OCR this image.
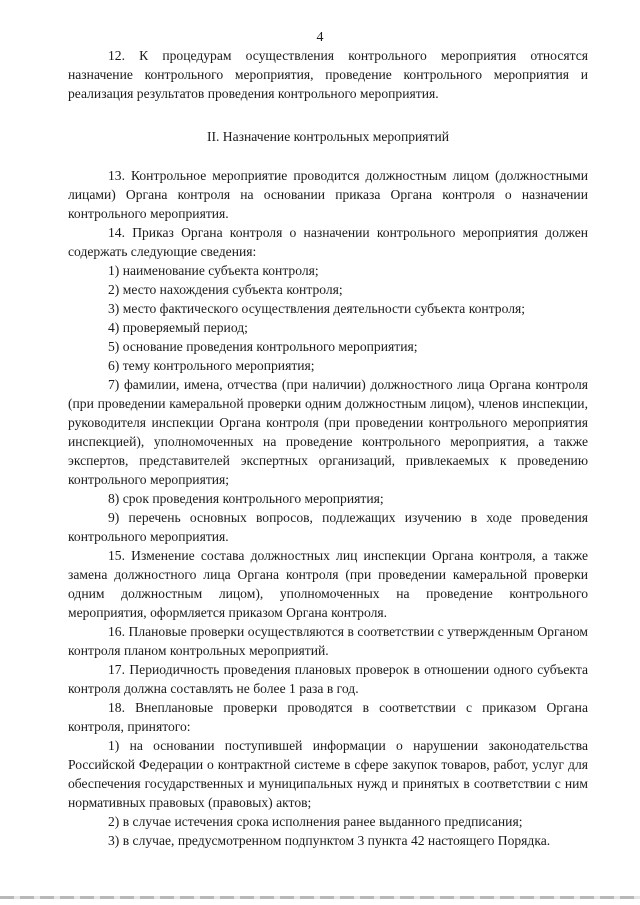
4

12. К процедурам осуществления контрольного мероприятия относятся назначение контрольного мероприятия, проведение контрольного мероприятия и реализация результатов проведения контрольного мероприятия.

II. Назначение контрольных мероприятий

13. Контрольное мероприятие проводится должностным лицом (должностными лицами) Органа контроля на основании приказа Органа контроля о назначении контрольного мероприятия.

14. Приказ Органа контроля о назначении контрольного мероприятия должен содержать следующие сведения:

1) наименование субъекта контроля;

2) место нахождения субъекта контроля;

3) место фактического осуществления деятельности субъекта контроля;

4) проверяемый период;

5) основание проведения контрольного мероприятия;

6) тему контрольного мероприятия;

7) фамилии, имена, отчества (при наличии) должностного лица Органа контроля (при проведении камеральной проверки одним должностным лицом), членов инспекции, руководителя инспекции Органа контроля (при проведении контрольного мероприятия инспекцией), уполномоченных на проведение контрольного мероприятия, а также экспертов, представителей экспертных организаций, привлекаемых к проведению контрольного мероприятия;

8) срок проведения контрольного мероприятия;

9) перечень основных вопросов, подлежащих изучению в ходе проведения контрольного мероприятия.

15. Изменение состава должностных лиц инспекции Органа контроля, а также замена должностного лица Органа контроля (при проведении камеральной проверки одним должностным лицом), уполномоченных на проведение контрольного мероприятия, оформляется приказом Органа контроля.

16. Плановые проверки осуществляются в соответствии с утвержденным Органом контроля планом контрольных мероприятий.

17. Периодичность проведения плановых проверок в отношении одного субъекта контроля должна составлять не более 1 раза в год.

18. Внеплановые проверки проводятся в соответствии с приказом Органа контроля, принятого:

1) на основании поступившей информации о нарушении законодательства Российской Федерации о контрактной системе в сфере закупок товаров, работ, услуг для обеспечения государственных и муниципальных нужд и принятых в соответствии с ним нормативных правовых (правовых) актов;

2) в случае истечения срока исполнения ранее выданного предписания;

3) в случае, предусмотренном подпунктом 3 пункта 42 настоящего Порядка.
